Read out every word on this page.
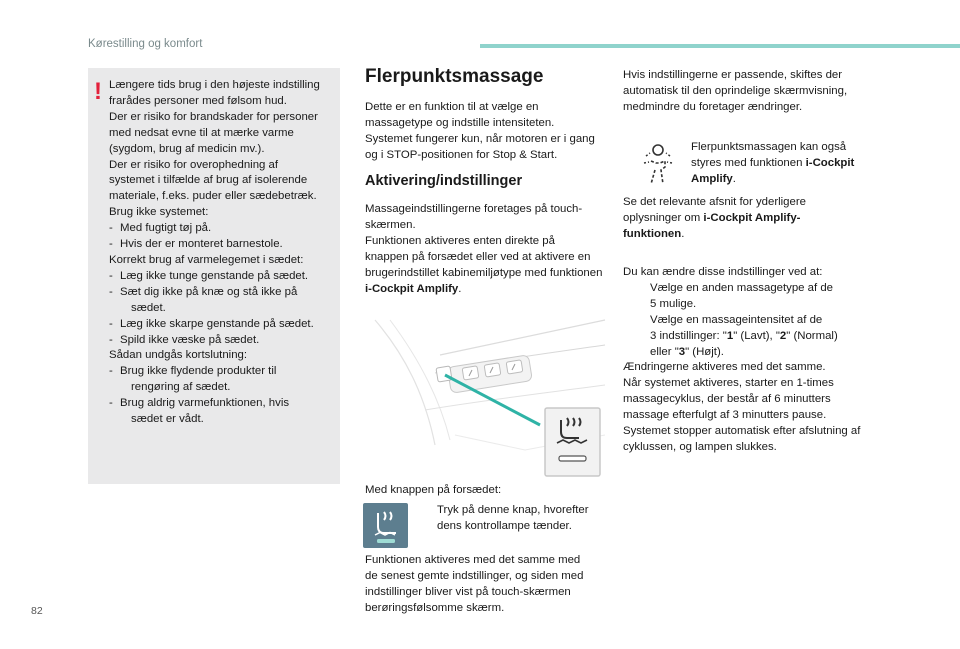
Kørestilling og komfort
Længere tids brug i den højeste indstilling
frarådes personer med følsom hud.
Der er risiko for brandskader for personer
med nedsat evne til at mærke varme
(sygdom, brug af medicin mv.).
Der er risiko for overophedning af
systemet i tilfælde af brug af isolerende
materiale, f.eks. puder eller sædebetræk.
Brug ikke systemet:
- Med fugtigt tøj på.
- Hvis der er monteret barnestole.
Korrekt brug af varmelegemet i sædet:
- Læg ikke tunge genstande på sædet.
- Sæt dig ikke på knæ og stå ikke på
sædet.
- Læg ikke skarpe genstande på sædet.
- Spild ikke væske på sædet.
Sådan undgås kortslutning:
- Brug ikke flydende produkter til
rengøring af sædet.
- Brug aldrig varmefunktionen, hvis
sædet er vådt.
!
Flerpunktsmassage
Dette er en funktion til at vælge en
massagetype og indstille intensiteten.
Systemet fungerer kun, når motoren er i gang
og i STOP-positionen for Stop & Start.
Aktivering/indstillinger
Massageindstillingerne foretages på touch-
skærmen.
Funktionen aktiveres enten direkte på
knappen på forsædet eller ved at aktivere en
brugerindstillet kabinemiljøtype med funktionen
i-Cockpit Amplify.
Med knappen på forsædet:
Tryk på denne knap, hvorefter
dens kontrollampe tænder.
Funktionen aktiveres med det samme med
de senest gemte indstillinger, og siden med
indstillinger bliver vist på touch-skærmen
berøringsfølsomme skærm.
Hvis indstillingerne er passende, skiftes der
automatisk til den oprindelige skærmvisning,
medmindre du foretager ændringer.
Flerpunktsmassagen kan også
styres med funktionen i-Cockpit
Amplify.
Se det relevante afsnit for yderligere
oplysninger om i-Cockpit Amplify-
funktionen.
Du kan ændre disse indstillinger ved at:
Vælge en anden massagetype af de
5 mulige.
Vælge en massageintensitet af de
3 indstillinger: "1" (Lavt), "2" (Normal)
eller "3" (Højt).
Ændringerne aktiveres med det samme.
Når systemet aktiveres, starter en 1-times
massagecyklus, der består af 6 minutters
massage efterfulgt af 3 minutters pause.
Systemet stopper automatisk efter afslutning af
cyklussen, og lampen slukkes.
82
